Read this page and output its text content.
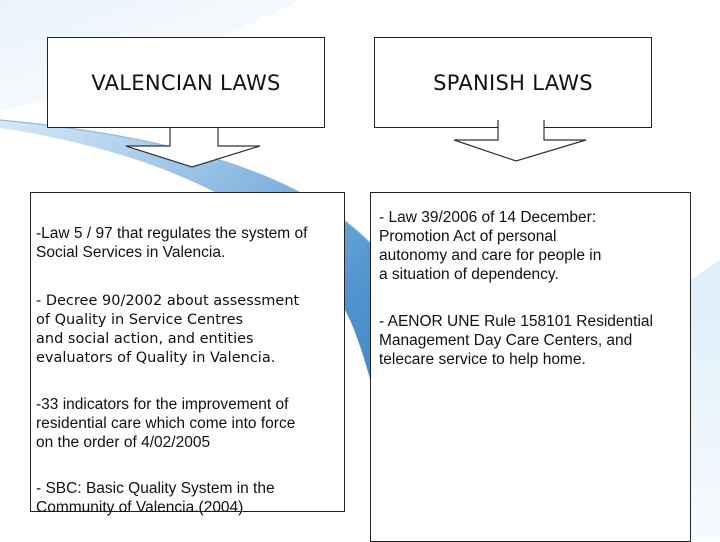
VALENCIAN LAWS	SPANISH LAWS

-Law 5 / 97 that regulates the system of
Social Services in Valencia.

- Decree 90/2002 about assessment
of Quality in Service Centres
and social action, and entities
evaluators of Quality in Valencia.

-33 indicators for the improvement of
residential care which come into force
on the order of 4/02/2005

- SBC: Basic Quality System in the
Community of Valencia.(2004)

- Law 39/2006 of 14 December:
Promotion Act of personal
autonomy and care for people in
a situation of dependency.

- AENOR UNE Rule 158101 Residential
Management Day Care Centers, and
telecare service to help home.
